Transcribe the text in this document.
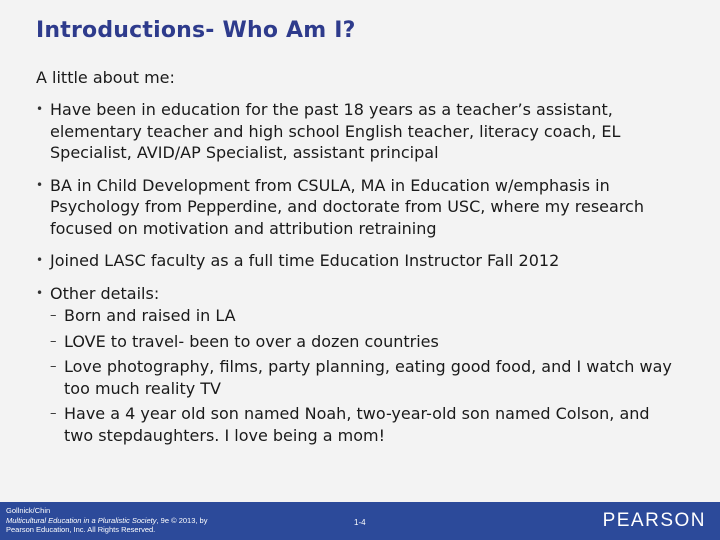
Introductions- Who Am I?
A little about me:
• Have been in education for the past 18 years as a teacher’s assistant, elementary teacher and high school English teacher, literacy coach, EL Specialist, AVID/AP Specialist, assistant principal
• BA in Child Development from CSULA, MA in Education w/emphasis in Psychology from Pepperdine, and doctorate from USC, where my research focused on motivation and attribution retraining
• Joined LASC faculty as a full time Education Instructor Fall 2012
• Other details:
– Born and raised in LA
– LOVE to travel- been to over a dozen countries
– Love photography, films, party planning, eating good food, and I watch way too much reality TV
– Have a 4 year old son named Noah, two-year-old son named Colson, and two stepdaughters. I love being a mom!
Gollnick/Chin
Multicultural Education in a Pluralistic Society, 9e © 2013, by
Pearson Education, Inc. All Rights Reserved.
1-4	PEARSON
